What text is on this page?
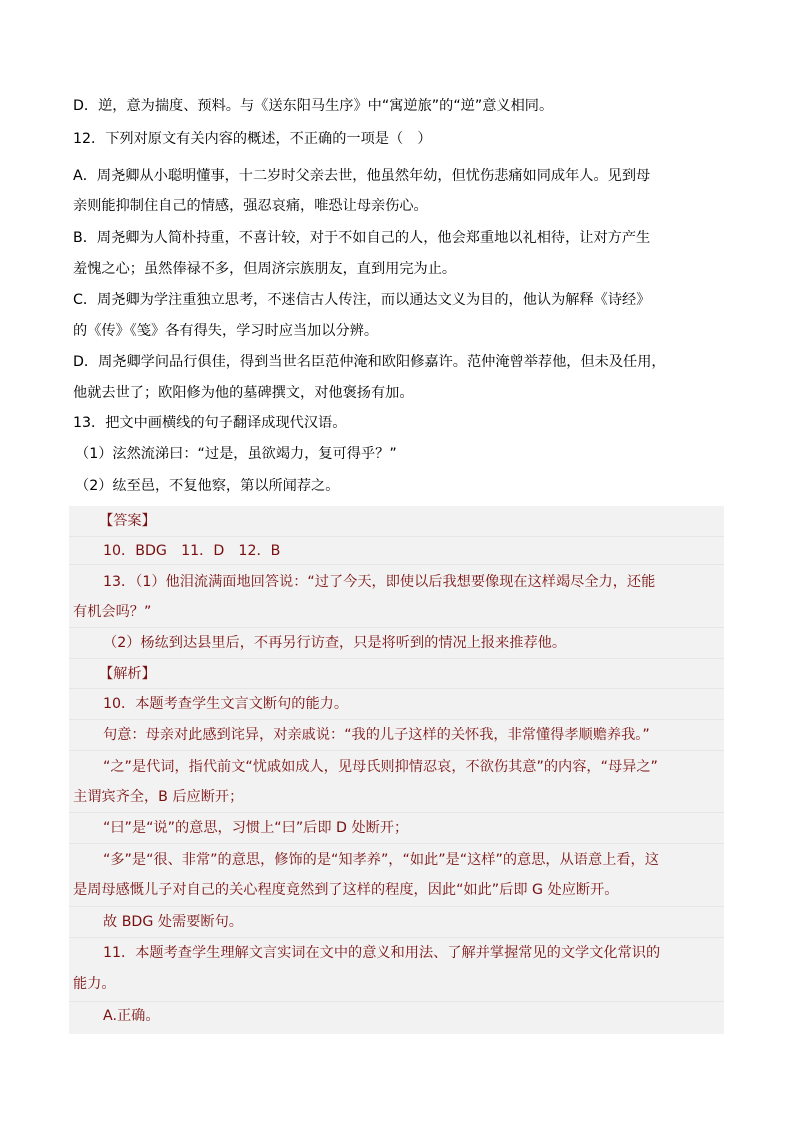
D．逆，意为揣度、预料。与《送东阳马生序》中“寓逆旅”的“逆”意义相同。
12．下列对原文有关内容的概述，不正确的一项是（　）
A．周尧卿从小聪明懂事，十二岁时父亲去世，他虽然年幼，但忧伤悲痛如同成年人。见到母
亲则能抑制住自己的情感，强忍哀痛，唯恐让母亲伤心。
B．周尧卿为人简朴持重，不喜计较，对于不如自己的人，他会郑重地以礼相待，让对方产生
羞愧之心；虽然俸禄不多，但周济宗族朋友，直到用完为止。
C．周尧卿为学注重独立思考，不迷信古人传注，而以通达文义为目的，他认为解释《诗经》
的《传》《笺》各有得失，学习时应当加以分辨。
D．周尧卿学问品行俱佳，得到当世名臣范仲淹和欧阳修嘉许。范仲淹曾举荐他，但未及任用，
他就去世了；欧阳修为他的墓碑撰文，对他褒扬有加。
13．把文中画横线的句子翻译成现代汉语。
（1）泫然流涕曰：“过是，虽欲竭力，复可得乎？”
（2）纮至邑，不复他察，第以所闻荐之。
【答案】
10．BDG　11．D　12．B
13．（1）他泪流满面地回答说：“过了今天，即使以后我想要像现在这样竭尽全力，还能
有机会吗？”
（2）杨纮到达县里后，不再另行访查，只是将听到的情况上报来推荐他。
【解析】
10．本题考查学生文言文断句的能力。
句意：母亲对此感到诧异，对亲戚说：“我的儿子这样的关怀我，非常懂得孝顺赡养我。”
“之”是代词，指代前文“忧戚如成人，见母氏则抑情忍哀，不欲伤其意”的内容，“母异之”
主谓宾齐全，B 后应断开；
“曰”是“说”的意思，习惯上“曰”后即 D 处断开；
“多”是“很、非常”的意思，修饰的是“知孝养”，“如此”是“这样”的意思，从语意上看，这
是周母感慨儿子对自己的关心程度竟然到了这样的程度，因此“如此”后即 G 处应断开。
故 BDG 处需要断句。
11．本题考查学生理解文言实词在文中的意义和用法、了解并掌握常见的文学文化常识的
能力。
A.正确。
